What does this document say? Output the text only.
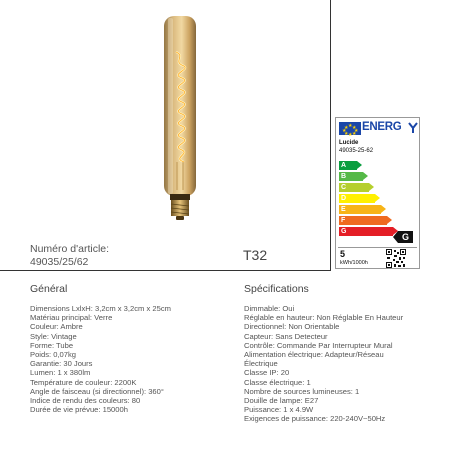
Numéro d'article:
49035/25/62	T32
★ ★
★
★
★
★
★
★ ENERG
Lucide
49035-25-62
A
B
C
D
E
F
G
G
5
kWh/1000h
Général
Dimensions LxlxH: 3,2cm x 3,2cm x 25cm
Matériau principal: Verre
Couleur: Ambre
Style: Vintage
Forme: Tube
Poids: 0,07kg
Garantie: 30 Jours
Lumen: 1 x 380lm
Température de couleur: 2200K
Angle de faisceau (si directionnel): 360°
Indice de rendu des couleurs: 80
Durée de vie prévue: 15000h
Spécifications
Dimmable: Oui
Réglable en hauteur: Non Réglable En Hauteur
Directionnel: Non Orientable
Capteur: Sans Detecteur
Contrôle: Commande Par Interrupteur Mural
Alimentation électrique: Adapteur/Réseau
Électrique
Classe IP: 20
Classe électrique: 1
Nombre de sources lumineuses: 1
Douille de lampe: E27
Puissance: 1 x 4.9W
Exigences de puissance: 220-240V~50Hz
